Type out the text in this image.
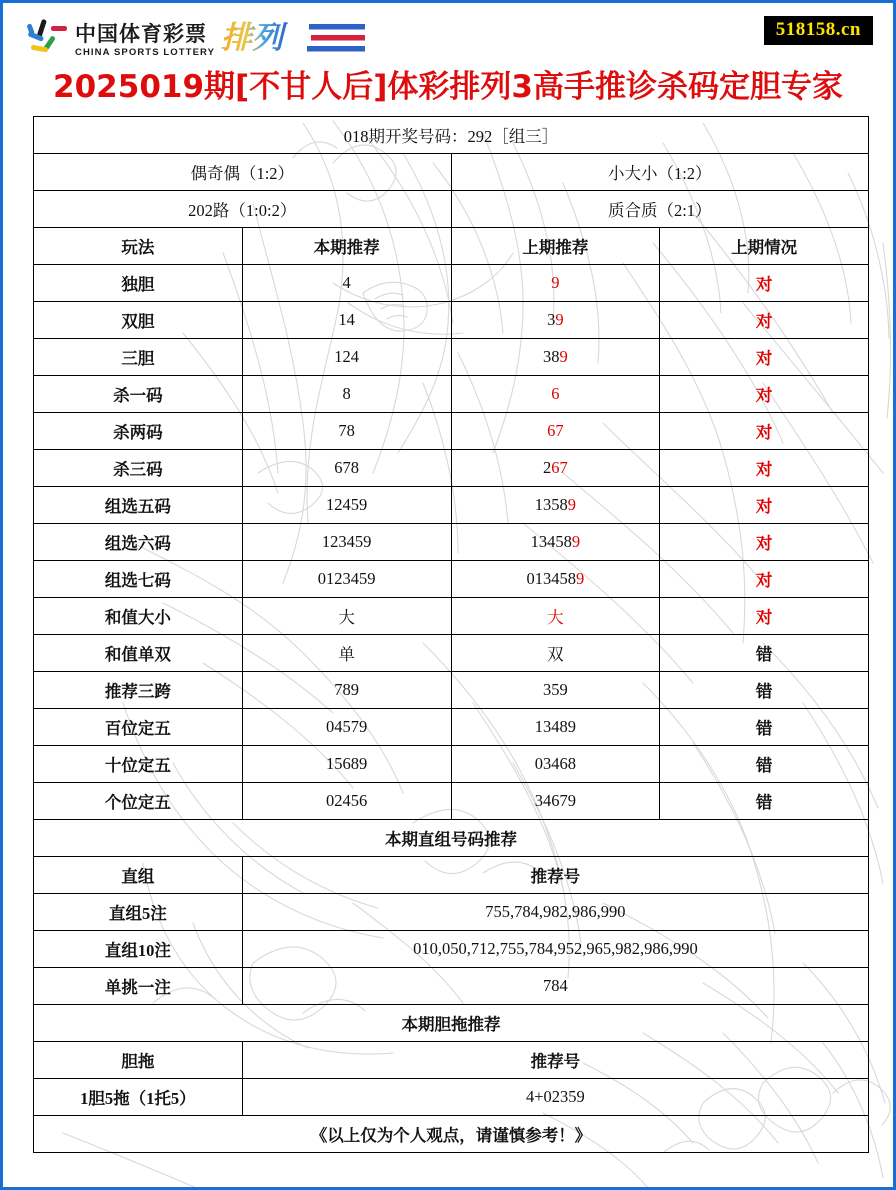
中国体育彩票
CHINA SPORTS LOTTERY 排列	518158.cn
2025019期[不甘人后]体彩排列3高手推诊杀码定胆专家
018期开奖号码：292［组三］			
偶奇偶（1:2）		小大小（1:2）	
202路（1:0:2）		质合质（2:1）	
玩法	本期推荐	上期推荐	上期情况
独胆	4	9	对
双胆	14	39	对
三胆	124	389	对
杀一码	8	6	对
杀两码	78	67	对
杀三码	678	267	对
组选五码	12459	13589	对
组选六码	123459	134589	对
组选七码	0123459	0134589	对
和值大小	大	大	对
和值单双	单	双	错
推荐三跨	789	359	错
百位定五	04579	13489	错
十位定五	15689	03468	错
个位定五	02456	34679	错
本期直组号码推荐			
直组	推荐号		
直组5注	755,784,982,986,990		
直组10注	010,050,712,755,784,952,965,982,986,990		
单挑一注	784		
本期胆拖推荐			
胆拖	推荐号		
1胆5拖（1托5）	4+02359		
《以上仅为个人观点，请谨慎参考！》			
